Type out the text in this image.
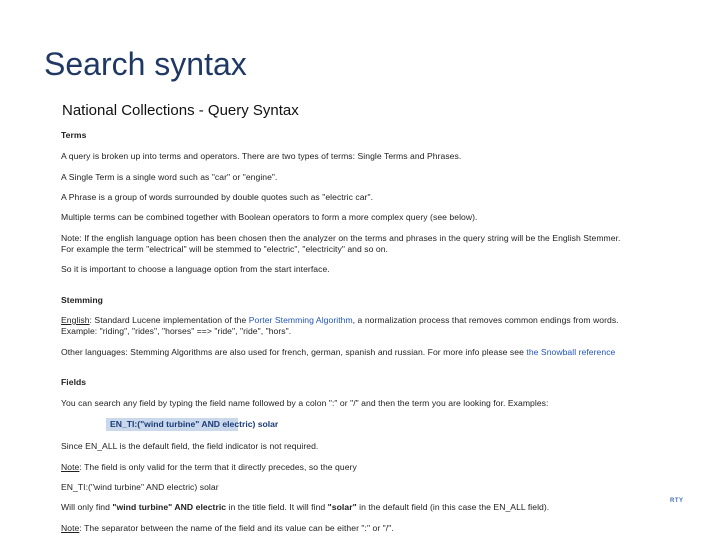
Search syntax
National Collections - Query Syntax
Terms
A query is broken up into terms and operators. There are two types of terms: Single Terms and Phrases.
A Single Term is a single word such as "car" or "engine".
A Phrase is a group of words surrounded by double quotes such as "electric car".
Multiple terms can be combined together with Boolean operators to form a more complex query (see below).
Note: If the english language option has been chosen then the analyzer on the terms and phrases in the query string will be the English Stemmer.
For example the term "electrical" will be stemmed to "electric", "electricity" and so on.
So it is important to choose a language option from the start interface.
Stemming
English: Standard Lucene implementation of the Porter Stemming Algorithm, a normalization process that removes common endings from words.
Example: "riding", "rides", "horses" ==> "ride", "ride", "hors".
Other languages: Stemming Algorithms are also used for french, german, spanish and russian. For more info please see the Snowball reference
Fields
You can search any field by typing the field name followed by a colon ":" or "/" and then the term you are looking for. Examples:
EN_TI:("wind turbine" AND electric) solar
Since EN_ALL is the default field, the field indicator is not required.
Note: The field is only valid for the term that it directly precedes, so the query
EN_TI:("wind turbine" AND electric) solar
Will only find "wind turbine" AND electric in the title field. It will find "solar" in the default field (in this case the EN_ALL field).
Note: The separator between the name of the field and its value can be either ":" or "/".
RTY
